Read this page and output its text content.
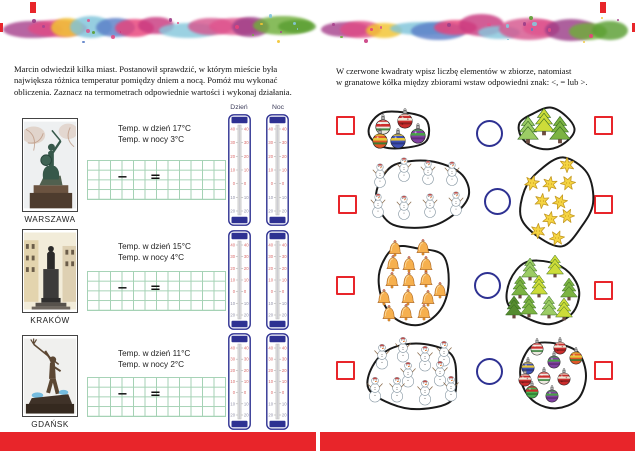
Marcin odwiedził kilka miast. Postanowił sprawdzić, w którym mieście była największa różnica temperatur pomiędzy dniem a nocą. Pomóż mu wykonać obliczenia. Zaznacz na termometrach odpowiednie wartości i wykonaj działania.
Dzień	Noc
WARSZAWA
Temp. w dzień 17°C
Temp. w nocy 3°C
− =
40 40
30 30
20 20
10 10
0 0
10 10
20 20
40 40
30 30
20 20
10 10
0 0
10 10
20 20
KRAKÓW
Temp. w dzień 15°C
Temp. w nocy 4°C
− =
40 40
30 30
20 20
10 10
0 0
10 10
20 20
40 40
30 30
20 20
10 10
0 0
10 10
20 20
GDAŃSK
Temp. w dzień 11°C
Temp. w nocy 2°C
− =
40 40
30 30
20 20
10 10
0 0
10 10
20 20
40 40
30 30
20 20
10 10
0 0
10 10
20 20
W czerwone kwadraty wpisz liczbę elementów w zbiorze, natomiast
w granatowe kółka między zbiorami wstaw odpowiedni znak: <, = lub >.
